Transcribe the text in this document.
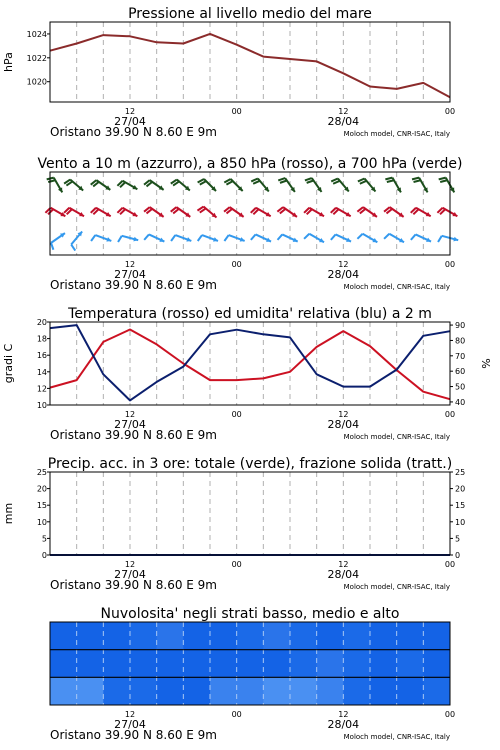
Pressione al livello medio del mare
1020
1022
1024
hPa
12	00	12	00
27/04	28/04
Oristano 39.90 N 8.60 E 9m	Moloch model, CNR-ISAC, Italy
Vento a 10 m (azzurro), a 850 hPa (rosso), a 700 hPa (verde)
12	00	12	00
27/04	28/04
Oristano 39.90 N 8.60 E 9m	Moloch model, CNR-ISAC, Italy
Temperatura (rosso) ed umidita' relativa (blu) a 2 m
10
12
14
16
18
20
40
50
60
70
80
90
gradi C	%
12	00	12	00
27/04	28/04
Oristano 39.90 N 8.60 E 9m	Moloch model, CNR-ISAC, Italy
Precip. acc. in 3 ore: totale (verde), frazione solida (tratt.)
0
5
10
15
20
25
0
5
10
15
20
25
mm
12	00	12	00
27/04	28/04
Oristano 39.90 N 8.60 E 9m	Moloch model, CNR-ISAC, Italy
Nuvolosita' negli strati basso, medio e alto
12	00	12	00
27/04	28/04
Oristano 39.90 N 8.60 E 9m	Moloch model, CNR-ISAC, Italy
